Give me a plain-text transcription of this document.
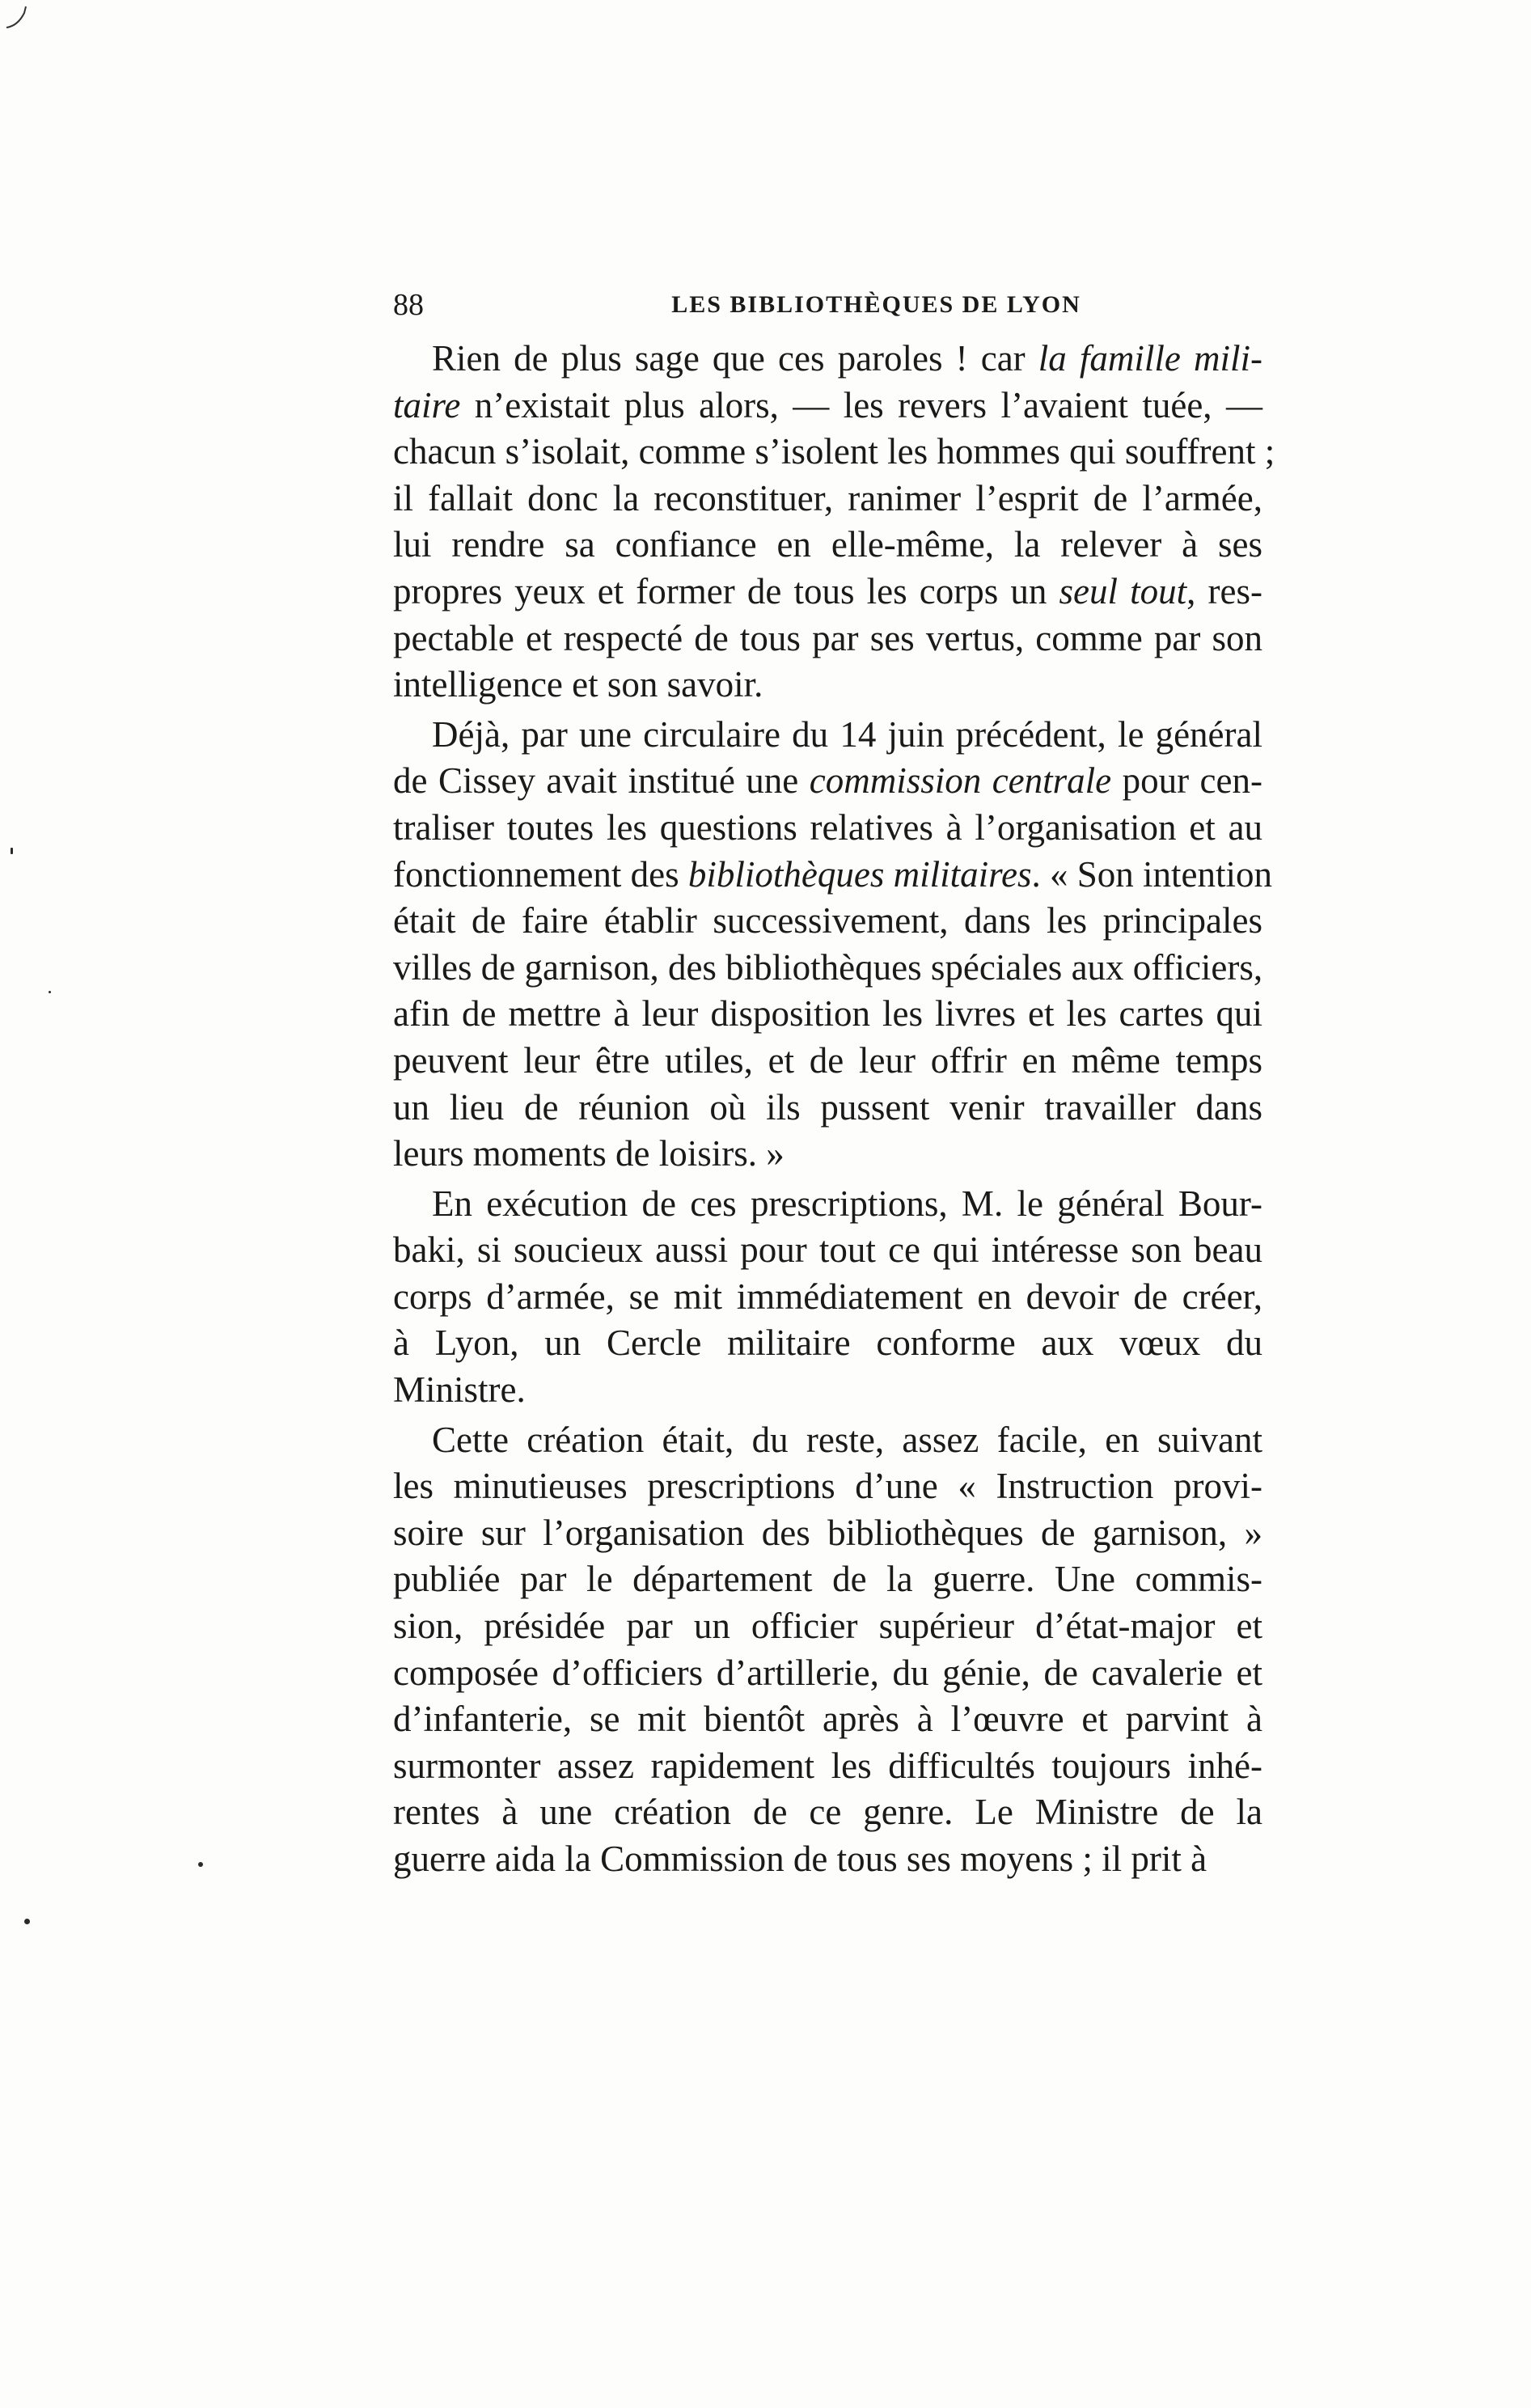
88	LES BIBLIOTHÈQUES DE LYON
Rien de plus sage que ces paroles ! car la famille mili-
taire n’existait plus alors, — les revers l’avaient tuée, —
chacun s’isolait, comme s’isolent les hommes qui souffrent ;
il fallait donc la reconstituer, ranimer l’esprit de l’armée,
lui rendre sa confiance en elle-même, la relever à ses
propres yeux et former de tous les corps un seul tout, res-
pectable et respecté de tous par ses vertus, comme par son
intelligence et son savoir.
Déjà, par une circulaire du 14 juin précédent, le général
de Cissey avait institué une commission centrale pour cen-
traliser toutes les questions relatives à l’organisation et au
fonctionnement des bibliothèques militaires. « Son intention
était de faire établir successivement, dans les principales
villes de garnison, des bibliothèques spéciales aux officiers,
afin de mettre à leur disposition les livres et les cartes qui
peuvent leur être utiles, et de leur offrir en même temps
un lieu de réunion où ils pussent venir travailler dans
leurs moments de loisirs. »
En exécution de ces prescriptions, M. le général Bour-
baki, si soucieux aussi pour tout ce qui intéresse son beau
corps d’armée, se mit immédiatement en devoir de créer,
à Lyon, un Cercle militaire conforme aux vœux du
Ministre.
Cette création était, du reste, assez facile, en suivant
les minutieuses prescriptions d’une « Instruction provi-
soire sur l’organisation des bibliothèques de garnison, »
publiée par le département de la guerre. Une commis-
sion, présidée par un officier supérieur d’état-major et
composée d’officiers d’artillerie, du génie, de cavalerie et
d’infanterie, se mit bientôt après à l’œuvre et parvint à
surmonter assez rapidement les difficultés toujours inhé-
rentes à une création de ce genre. Le Ministre de la
guerre aida la Commission de tous ses moyens ; il prit à
